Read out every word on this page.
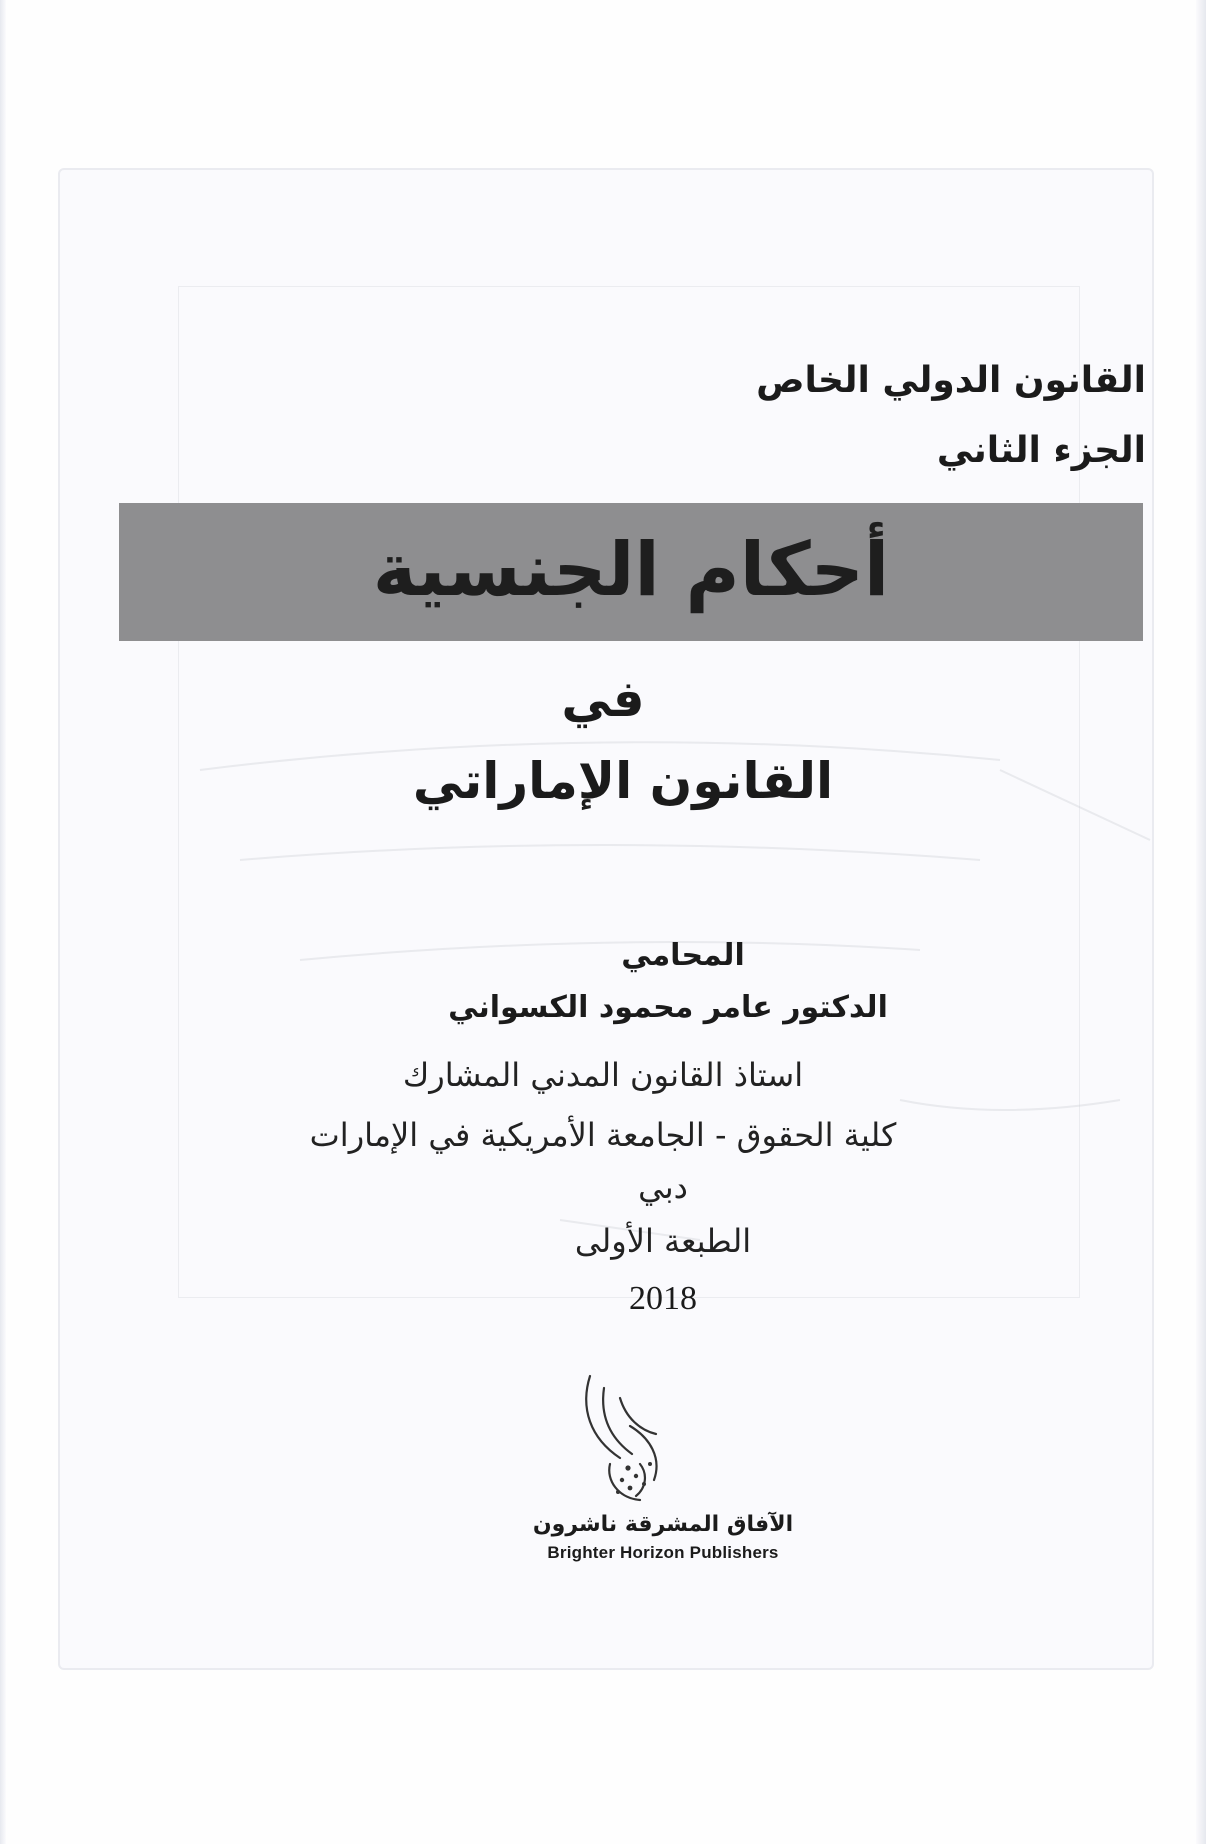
القانون الدولي الخاص
الجزء الثاني
أحكام الجنسية
في
القانون الإماراتي
المحامي
الدكتور عامر محمود الكسواني
استاذ القانون المدني المشارك
كلية الحقوق - الجامعة الأمريكية في الإمارات
دبي
الطبعة الأولى
2018
الآفاق المشرقة ناشرون
Brighter Horizon Publishers
